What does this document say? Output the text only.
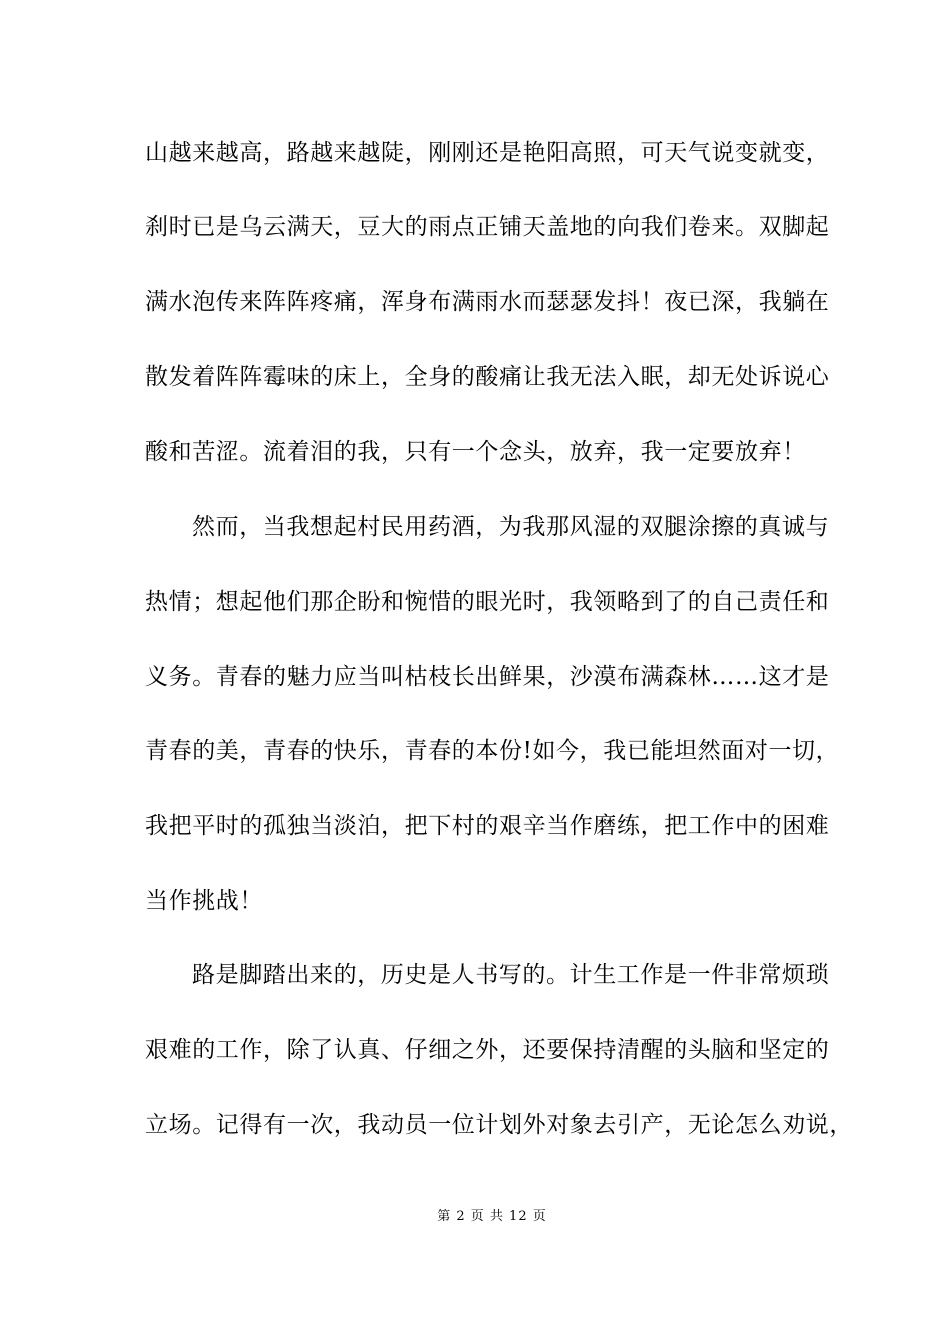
山越来越高，路越来越陡，刚刚还是艳阳高照，可天气说变就变，
刹时已是乌云满天，豆大的雨点正铺天盖地的向我们卷来。双脚起
满水泡传来阵阵疼痛，浑身布满雨水而瑟瑟发抖！夜已深，我躺在
散发着阵阵霉味的床上，全身的酸痛让我无法入眠，却无处诉说心
酸和苦涩。流着泪的我，只有一个念头，放弃，我一定要放弃！
然而，当我想起村民用药酒，为我那风湿的双腿涂擦的真诚与
热情；想起他们那企盼和惋惜的眼光时，我领略到了的自己责任和
义务。青春的魅力应当叫枯枝长出鲜果，沙漠布满森林……这才是
青春的美，青春的快乐，青春的本份!如今，我已能坦然面对一切，
我把平时的孤独当淡泊，把下村的艰辛当作磨练，把工作中的困难
当作挑战！
路是脚踏出来的，历史是人书写的。计生工作是一件非常烦琐
艰难的工作，除了认真、仔细之外，还要保持清醒的头脑和坚定的
立场。记得有一次，我动员一位计划外对象去引产，无论怎么劝说，
第 2 页 共 12 页
